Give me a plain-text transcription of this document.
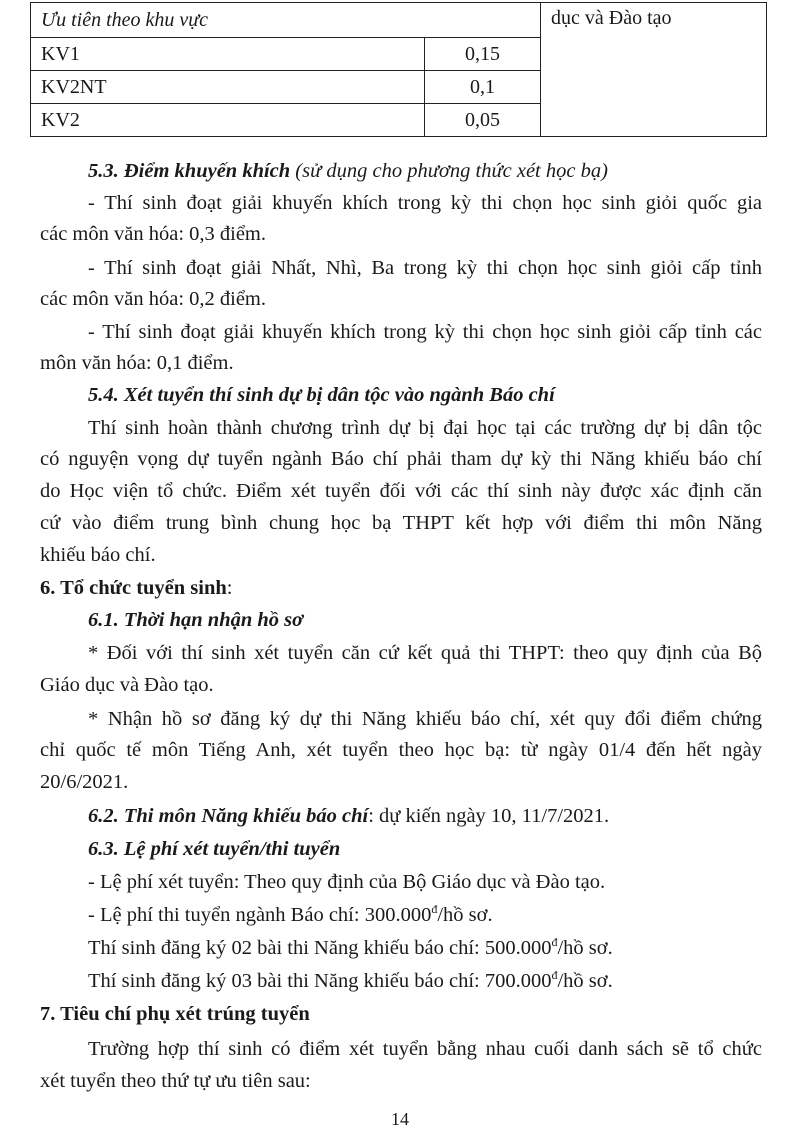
Ưu tiên theo khu vực		dục và Đào tạo
KV1	0,15	
KV2NT	0,1	
KV2	0,05	
5.3. Điểm khuyến khích (sử dụng cho phương thức xét học bạ)
- Thí sinh đoạt giải khuyến khích trong kỳ thi chọn học sinh giỏi quốc gia
các môn văn hóa: 0,3 điểm.
- Thí sinh đoạt giải Nhất, Nhì, Ba trong kỳ thi chọn học sinh giỏi cấp tỉnh
các môn văn hóa: 0,2 điểm.
- Thí sinh đoạt giải khuyến khích trong kỳ thi chọn học sinh giỏi cấp tỉnh các
môn văn hóa: 0,1 điểm.
5.4. Xét tuyển thí sinh dự bị dân tộc vào ngành Báo chí
Thí sinh hoàn thành chương trình dự bị đại học tại các trường dự bị dân tộc
có nguyện vọng dự tuyển ngành Báo chí phải tham dự kỳ thi Năng khiếu báo chí
do Học viện tổ chức. Điểm xét tuyển đối với các thí sinh này được xác định căn
cứ vào điểm trung bình chung học bạ THPT kết hợp với điểm thi môn Năng
khiếu báo chí.
6. Tổ chức tuyển sinh:
6.1. Thời hạn nhận hồ sơ
* Đối với thí sinh xét tuyển căn cứ kết quả thi THPT: theo quy định của Bộ
Giáo dục và Đào tạo.
* Nhận hồ sơ đăng ký dự thi Năng khiếu báo chí, xét quy đổi điểm chứng
chỉ quốc tế môn Tiếng Anh, xét tuyển theo học bạ: từ ngày 01/4 đến hết ngày
20/6/2021.
6.2. Thi môn Năng khiếu báo chí: dự kiến ngày 10, 11/7/2021.
6.3. Lệ phí xét tuyển/thi tuyển
- Lệ phí xét tuyển: Theo quy định của Bộ Giáo dục và Đào tạo.
- Lệ phí thi tuyển ngành Báo chí: $300.000^đ/hồ$ sơ.
Thí sinh đăng ký 02 bài thi Năng khiếu báo chí: $500.000^đ/hồ$ sơ.
Thí sinh đăng ký 03 bài thi Năng khiếu báo chí: $700.000^đ/hồ$ sơ.
7. Tiêu chí phụ xét trúng tuyển
Trường hợp thí sinh có điểm xét tuyển bằng nhau cuối danh sách sẽ tổ chức
xét tuyển theo thứ tự ưu tiên sau:
14
